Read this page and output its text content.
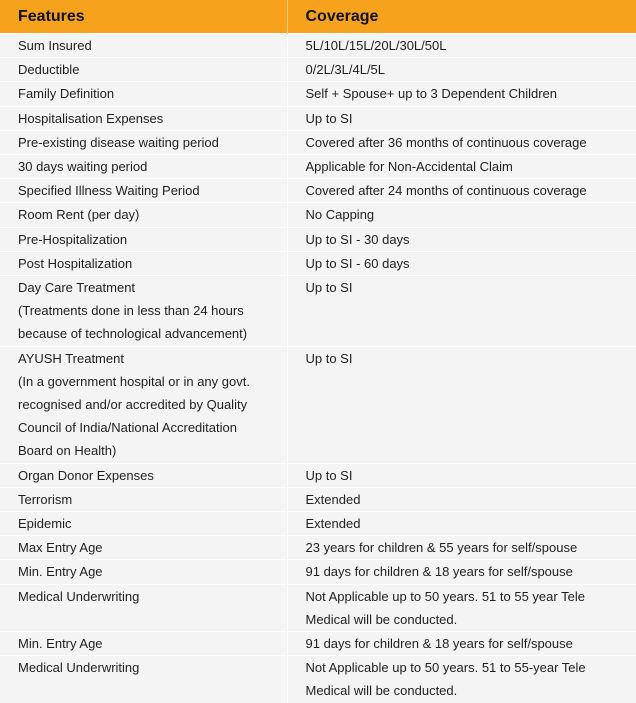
Features	Coverage

Sum Insured	5L/10L/15L/20L/30L/50L

Deductible	0/2L/3L/4L/5L

Family Definition	Self + Spouse+ up to 3 Dependent Children

Hospitalisation Expenses	Up to SI

Pre-existing disease waiting period	Covered after 36 months of continuous coverage

30 days waiting period	Applicable for Non-Accidental Claim

Specified Illness Waiting Period	Covered after 24 months of continuous coverage

Room Rent (per day)	No Capping

Pre-Hospitalization	Up to SI - 30 days

Post Hospitalization	Up to SI - 60 days

Day Care Treatment
(Treatments done in less than 24 hours
because of technological advancement)	Up to SI

AYUSH Treatment
(In a government hospital or in any govt.
recognised and/or accredited by Quality
Council of India/National Accreditation
Board on Health)	Up to SI

Organ Donor Expenses	Up to SI

Terrorism	Extended

Epidemic	Extended

Max Entry Age	23 years for children & 55 years for self/spouse

Min. Entry Age	91 days for children & 18 years for self/spouse

Medical Underwriting	Not Applicable up to 50 years. 51 to 55 year Tele
Medical will be conducted.

Min. Entry Age	91 days for children & 18 years for self/spouse

Medical Underwriting	Not Applicable up to 50 years. 51 to 55-year Tele
Medical will be conducted.
